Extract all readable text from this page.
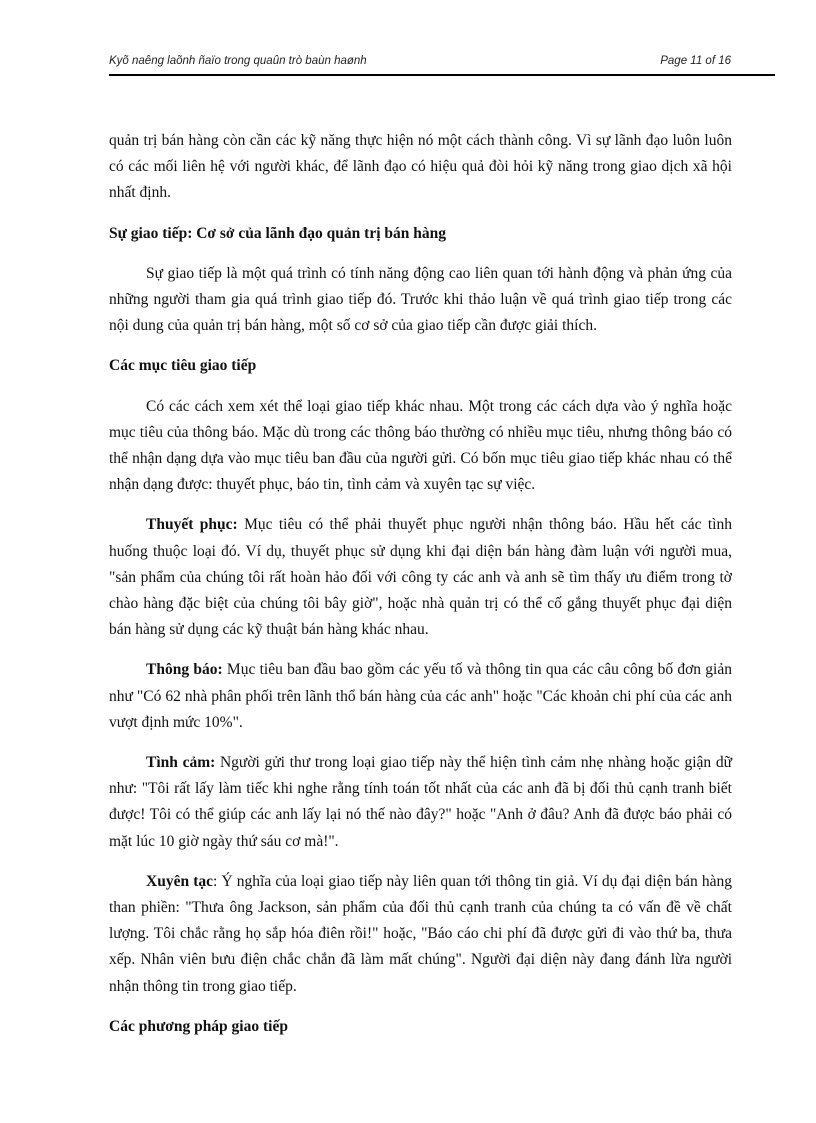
Kyõ naêng laõnh ñaïo trong quaûn trò baùn haønh	Page 11 of 16

quản trị bán hàng còn cần các kỹ năng thực hiện nó một cách thành công. Vì sự lãnh đạo luôn luôn có các mối liên hệ với người khác, để lãnh đạo có hiệu quả đòi hỏi kỹ năng trong giao dịch xã hội nhất định.

Sự giao tiếp: Cơ sở của lãnh đạo quản trị bán hàng

Sự giao tiếp là một quá trình có tính năng động cao liên quan tới hành động và phản ứng của những người tham gia quá trình giao tiếp đó. Trước khi thảo luận về quá trình giao tiếp trong các nội dung của quản trị bán hàng, một số cơ sở của giao tiếp cần được giải thích.

Các mục tiêu giao tiếp

Có các cách xem xét thể loại giao tiếp khác nhau. Một trong các cách dựa vào ý nghĩa hoặc mục tiêu của thông báo. Mặc dù trong các thông báo thường có nhiều mục tiêu, nhưng thông báo có thể nhận dạng dựa vào mục tiêu ban đầu của người gửi. Có bốn mục tiêu giao tiếp khác nhau có thể nhận dạng được: thuyết phục, báo tin, tình cảm và xuyên tạc sự việc.

Thuyết phục: Mục tiêu có thể phải thuyết phục người nhận thông báo. Hầu hết các tình huống thuộc loại đó. Ví dụ, thuyết phục sử dụng khi đại diện bán hàng đàm luận với người mua, "sản phẩm của chúng tôi rất hoàn hảo đối với công ty các anh và anh sẽ tìm thấy ưu điểm trong tờ chào hàng đặc biệt của chúng tôi bây giờ", hoặc nhà quản trị có thể cố gắng thuyết phục đại diện bán hàng sử dụng các kỹ thuật bán hàng khác nhau.

Thông báo: Mục tiêu ban đầu bao gồm các yếu tố và thông tin qua các câu công bố đơn giản như "Có 62 nhà phân phối trên lãnh thổ bán hàng của các anh" hoặc "Các khoản chi phí của các anh vượt định mức 10%".

Tình cảm: Người gửi thư trong loại giao tiếp này thể hiện tình cảm nhẹ nhàng hoặc giận dữ như: "Tôi rất lấy làm tiếc khi nghe rằng tính toán tốt nhất của các anh đã bị đối thủ cạnh tranh biết được! Tôi có thể giúp các anh lấy lại nó thế nào đây?" hoặc "Anh ở đâu? Anh đã được báo phải có mặt lúc 10 giờ ngày thứ sáu cơ mà!".

Xuyên tạc: Ý nghĩa của loại giao tiếp này liên quan tới thông tin giả. Ví dụ đại diện bán hàng than phiền: "Thưa ông Jackson, sản phẩm của đối thủ cạnh tranh của chúng ta có vấn đề về chất lượng. Tôi chắc rằng họ sắp hóa điên rồi!" hoặc, "Báo cáo chi phí đã được gửi đi vào thứ ba, thưa xếp. Nhân viên bưu điện chắc chắn đã làm mất chúng". Người đại diện này đang đánh lừa người nhận thông tin trong giao tiếp.

Các phương pháp giao tiếp
